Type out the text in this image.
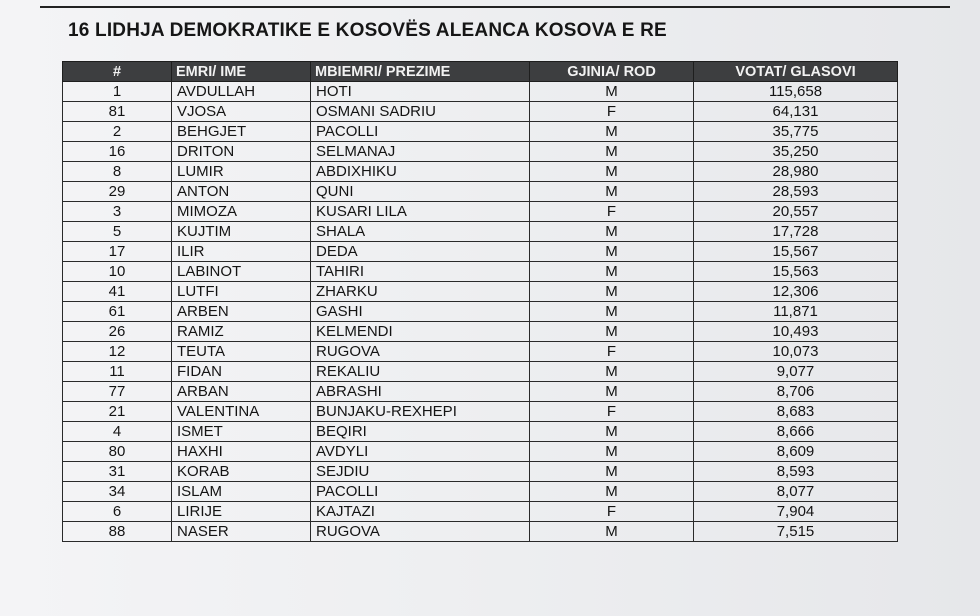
16 LIDHJA DEMOKRATIKE E KOSOVËS ALEANCA KOSOVA E RE
#	EMRI/ IME	MBIEMRI/ PREZIME	GJINIA/ ROD	VOTAT/ GLASOVI
1	AVDULLAH	HOTI	M	115,658
81	VJOSA	OSMANI SADRIU	F	64,131
2	BEHGJET	PACOLLI	M	35,775
16	DRITON	SELMANAJ	M	35,250
8	LUMIR	ABDIXHIKU	M	28,980
29	ANTON	QUNI	M	28,593
3	MIMOZA	KUSARI LILA	F	20,557
5	KUJTIM	SHALA	M	17,728
17	ILIR	DEDA	M	15,567
10	LABINOT	TAHIRI	M	15,563
41	LUTFI	ZHARKU	M	12,306
61	ARBEN	GASHI	M	11,871
26	RAMIZ	KELMENDI	M	10,493
12	TEUTA	RUGOVA	F	10,073
11	FIDAN	REKALIU	M	9,077
77	ARBAN	ABRASHI	M	8,706
21	VALENTINA	BUNJAKU-REXHEPI	F	8,683
4	ISMET	BEQIRI	M	8,666
80	HAXHI	AVDYLI	M	8,609
31	KORAB	SEJDIU	M	8,593
34	ISLAM	PACOLLI	M	8,077
6	LIRIJE	KAJTAZI	F	7,904
88	NASER	RUGOVA	M	7,515
